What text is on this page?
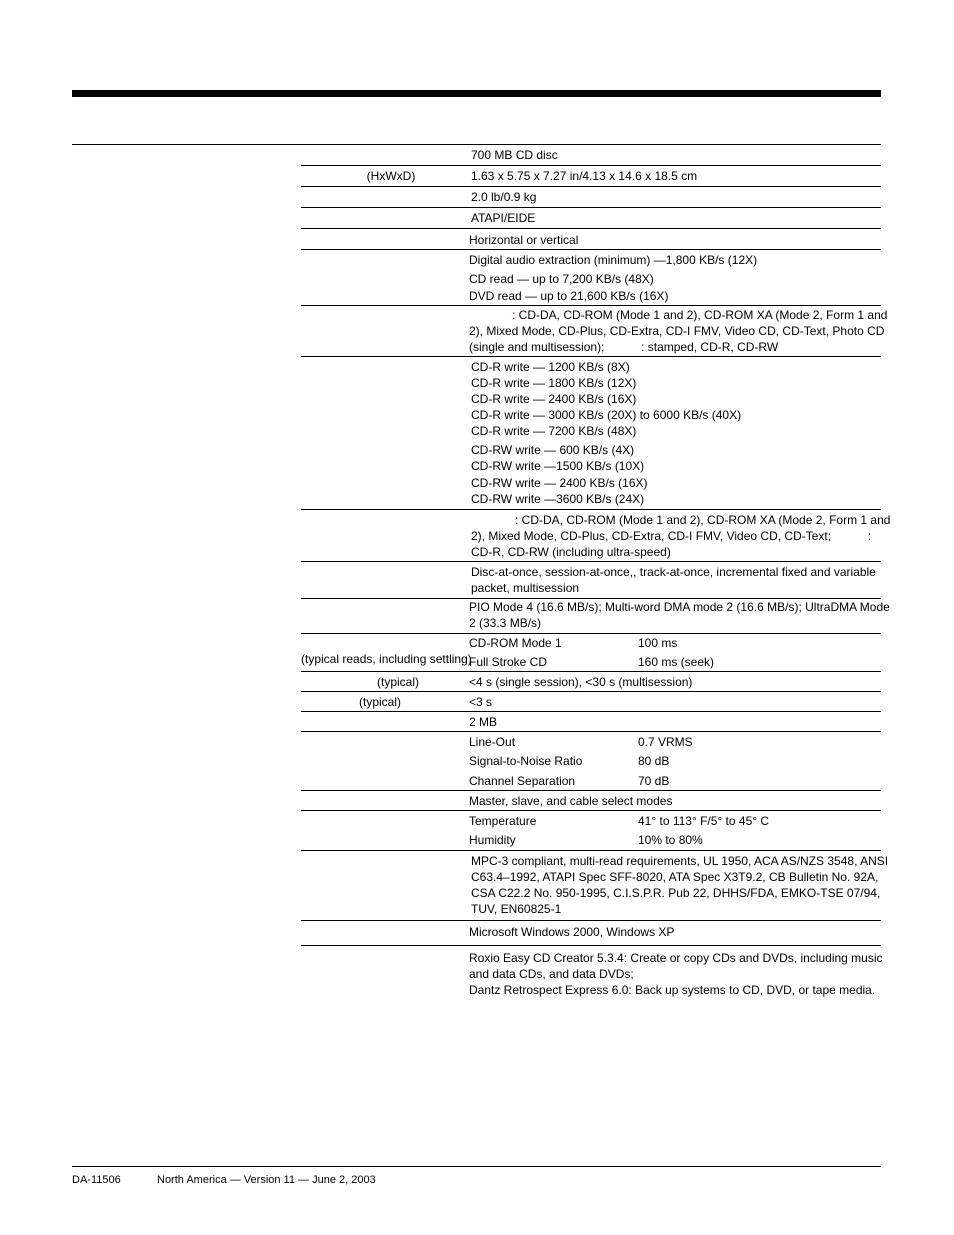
700 MB CD disc
(HxWxD)	1.63 x 5.75 x 7.27 in/4.13 x 14.6 x 18.5 cm
2.0 lb/0.9 kg
ATAPI/EIDE
Horizontal or vertical
Digital audio extraction (minimum) —1,800 KB/s (12X)
CD read — up to 7,200 KB/s (48X)
DVD read — up to 21,600 KB/s (16X)
: CD-DA, CD-ROM (Mode 1 and 2), CD-ROM XA (Mode 2, Form 1 and
2), Mixed Mode, CD-Plus, CD-Extra, CD-I FMV, Video CD, CD-Text, Photo CD
(single and multisession);           : stamped, CD-R, CD-RW
CD-R write — 1200 KB/s (8X)
CD-R write — 1800 KB/s (12X)
CD-R write — 2400 KB/s (16X)
CD-R write — 3000 KB/s (20X) to 6000 KB/s (40X)
CD-R write — 7200 KB/s (48X)
CD-RW write — 600 KB/s (4X)
CD-RW write —1500 KB/s (10X)
CD-RW write — 2400 KB/s (16X)
CD-RW write —3600 KB/s (24X)
: CD-DA, CD-ROM (Mode 1 and 2), CD-ROM XA (Mode 2, Form 1 and
2), Mixed Mode, CD-Plus, CD-Extra, CD-I FMV, Video CD, CD-Text;           :
CD-R, CD-RW (including ultra-speed)
Disc-at-once, session-at-once,, track-at-once, incremental fixed and variable
packet, multisession
PIO Mode 4 (16.6 MB/s); Multi-word DMA mode 2 (16.6 MB/s); UltraDMA Mode
2 (33.3 MB/s)
(typical reads, including settling)
CD-ROM Mode 1	100 ms
Full Stroke CD	160 ms (seek)
(typical)	<4 s (single session), <30 s (multisession)
(typical)	<3 s
2 MB
Line-Out	0.7 VRMS
Signal-to-Noise Ratio	80 dB
Channel Separation	70 dB
Master, slave, and cable select modes
Temperature	41° to 113° F/5° to 45° C
Humidity	10% to 80%
MPC-3 compliant, multi-read requirements, UL 1950, ACA AS/NZS 3548, ANSI
C63.4–1992, ATAPI Spec SFF-8020, ATA Spec X3T9.2, CB Bulletin No. 92A,
CSA C22.2 No. 950-1995, C.I.S.P.R. Pub 22, DHHS/FDA, EMKO-TSE 07/94,
TUV, EN60825-1
Microsoft Windows 2000, Windows XP
Roxio Easy CD Creator 5.3.4: Create or copy CDs and DVDs, including music
and data CDs, and data DVDs;
Dantz Retrospect Express 6.0: Back up systems to CD, DVD, or tape media.
DA-11506	North America — Version 11 — June 2, 2003
